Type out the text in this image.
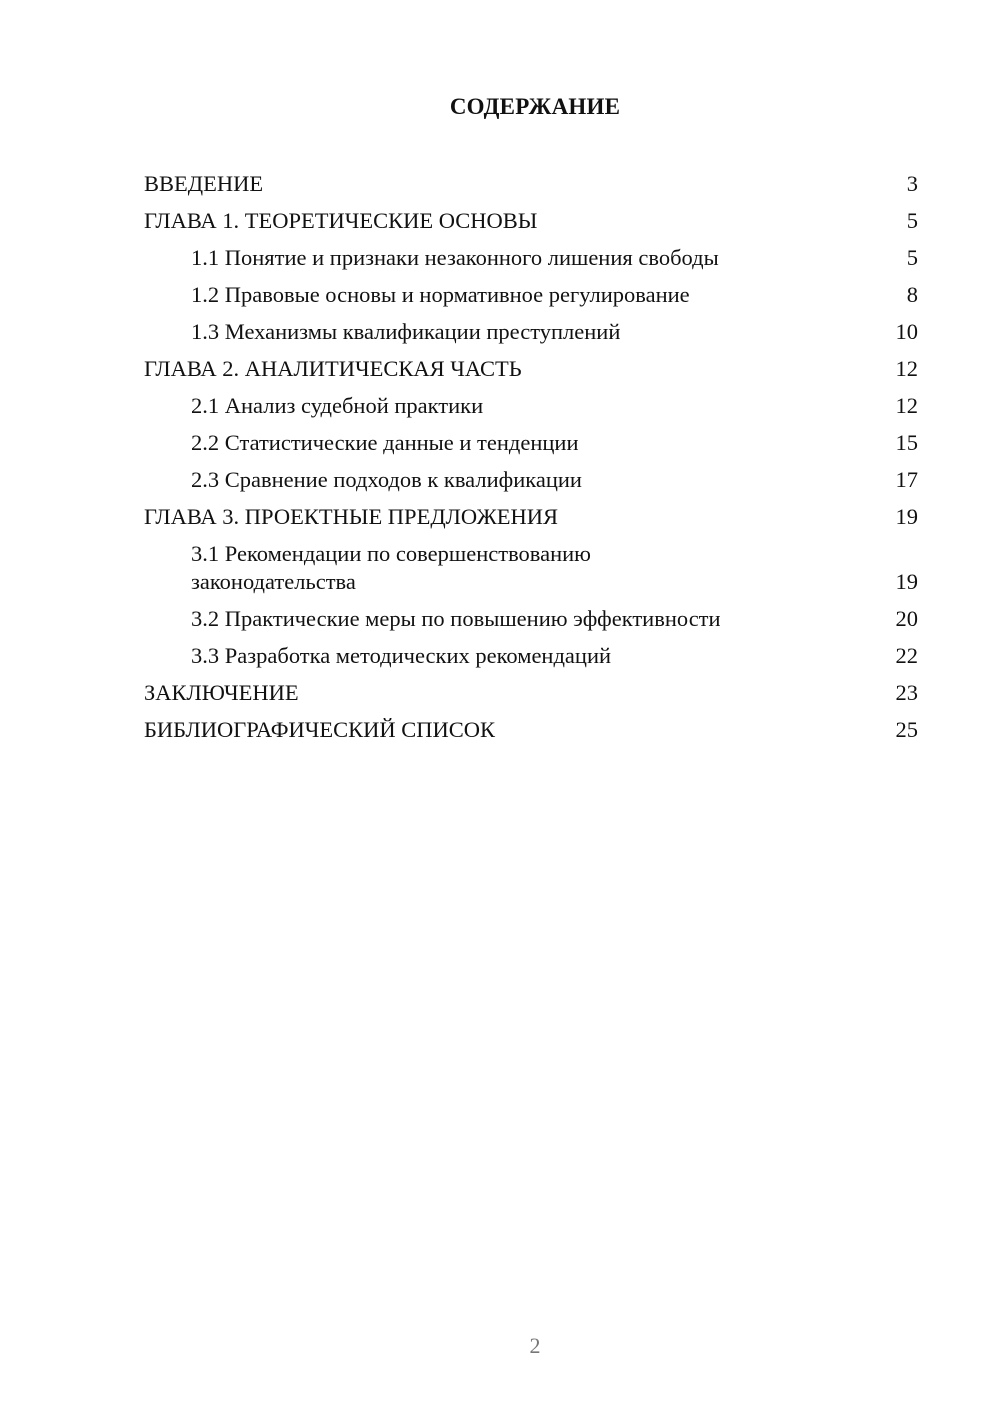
СОДЕРЖАНИЕ
ВВЕДЕНИЕ	3
ГЛАВА 1. ТЕОРЕТИЧЕСКИЕ ОСНОВЫ	5
1.1 Понятие и признаки незаконного лишения свободы	5
1.2 Правовые основы и нормативное регулирование	8
1.3 Механизмы квалификации преступлений	10
ГЛАВА 2. АНАЛИТИЧЕСКАЯ ЧАСТЬ	12
2.1 Анализ судебной практики	12
2.2 Статистические данные и тенденции	15
2.3 Сравнение подходов к квалификации	17
ГЛАВА 3. ПРОЕКТНЫЕ ПРЕДЛОЖЕНИЯ	19
3.1 Рекомендации по совершенствованию законодательства	19
3.2 Практические меры по повышению эффективности	20
3.3 Разработка методических рекомендаций	22
ЗАКЛЮЧЕНИЕ	23
БИБЛИОГРАФИЧЕСКИЙ СПИСОК	25
2
